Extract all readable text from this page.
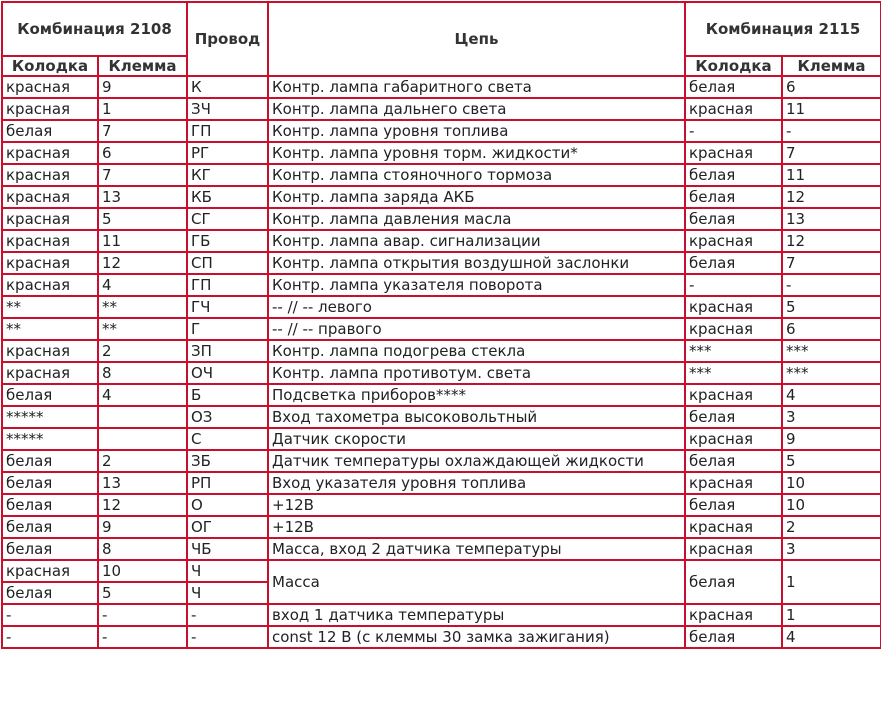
Комбинация 2108		Провод	Цепь	Комбинация 2115	
Колодка	Клемма			Колодка	Клемма
красная	9	К	Контр. лампа габаритного света	белая	6
красная	1	ЗЧ	Контр. лампа дальнего света	красная	11
белая	7	ГП	Контр. лампа уровня топлива	-	-
красная	6	РГ	Контр. лампа уровня торм. жидкости*	красная	7
красная	7	КГ	Контр. лампа стояночного тормоза	белая	11
красная	13	КБ	Контр. лампа заряда АКБ	белая	12
красная	5	СГ	Контр. лампа давления масла	белая	13
красная	11	ГБ	Контр. лампа авар. сигнализации	красная	12
красная	12	СП	Контр. лампа открытия воздушной заслонки	белая	7
красная	4	ГП	Контр. лампа указателя поворота	-	-
**	**	ГЧ	-- // -- левого	красная	5
**	**	Г	-- // -- правого	красная	6
красная	2	ЗП	Контр. лампа подогрева стекла	***	***
красная	8	ОЧ	Контр. лампа противотум. света	***	***
белая	4	Б	Подсветка приборов****	красная	4
*****		ОЗ	Вход тахометра высоковольтный	белая	3
*****		С	Датчик скорости	красная	9
белая	2	ЗБ	Датчик температуры охлаждающей жидкости	белая	5
белая	13	РП	Вход указателя уровня топлива	красная	10
белая	12	О	+12В	белая	10
белая	9	ОГ	+12В	красная	2
белая	8	ЧБ	Масса, вход 2 датчика температуры	красная	3
красная	10	Ч	Масса	белая	1
белая	5	Ч			
-	-	-	вход 1 датчика температуры	красная	1
-	-	-	const 12 В (с клеммы 30 замка зажигания)	белая	4
